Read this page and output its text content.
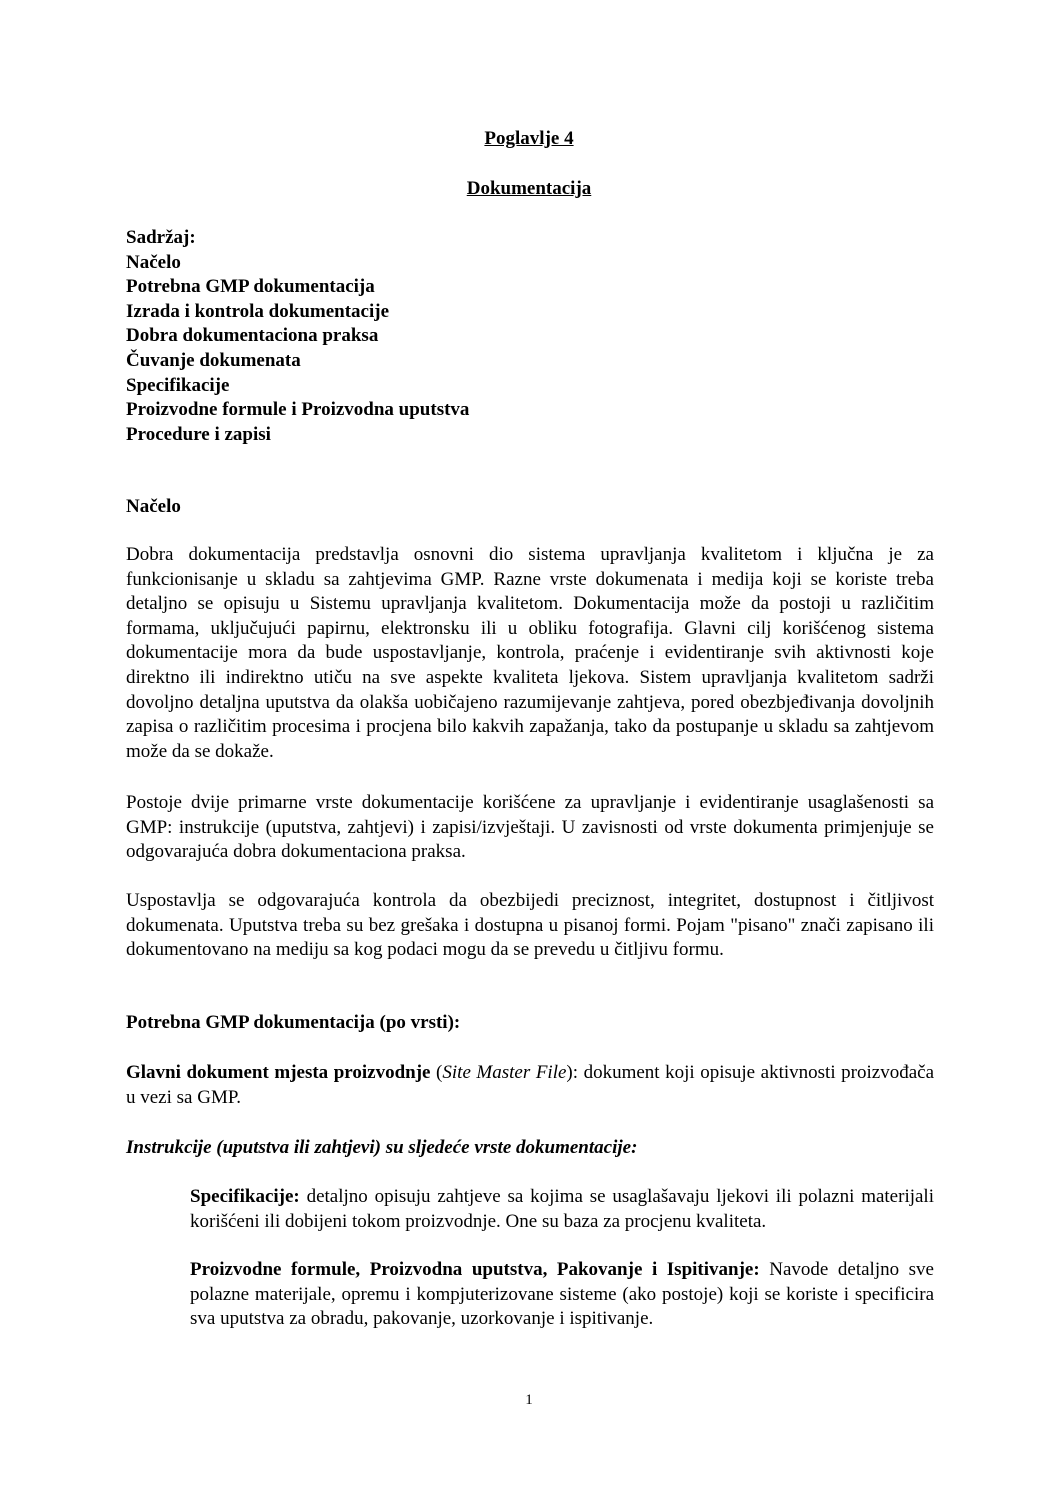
Poglavlje 4
Dokumentacija
Sadržaj:
Načelo
Potrebna GMP dokumentacija
Izrada i kontrola dokumentacije
Dobra dokumentaciona praksa
Čuvanje dokumenata
Specifikacije
Proizvodne formule i Proizvodna uputstva
Procedure i zapisi
Načelo

Dobra dokumentacija predstavlja osnovni dio sistema upravljanja kvalitetom i ključna je za funkcionisanje u skladu sa zahtjevima GMP. Razne vrste dokumenata i medija koji se koriste treba detaljno se opisuju u Sistemu upravljanja kvalitetom. Dokumentacija može da postoji u različitim formama, uključujući papirnu, elektronsku ili u obliku fotografija. Glavni cilj korišćenog sistema dokumentacije mora da bude uspostavljanje, kontrola, praćenje i evidentiranje svih aktivnosti koje direktno ili indirektno utiču na sve aspekte kvaliteta ljekova. Sistem upravljanja kvalitetom sadrži dovoljno detaljna uputstva da olakša uobičajeno razumijevanje zahtjeva, pored obezbjeđivanja dovoljnih zapisa o različitim procesima i procjena bilo kakvih zapažanja, tako da postupanje u skladu sa zahtjevom može da se dokaže.

Postoje dvije primarne vrste dokumentacije korišćene za upravljanje i evidentiranje usaglašenosti sa GMP: instrukcije (uputstva, zahtjevi) i zapisi/izvještaji. U zavisnosti od vrste dokumenta primjenjuje se odgovarajuća dobra dokumentaciona praksa.

Uspostavlja se odgovarajuća kontrola da obezbijedi preciznost, integritet, dostupnost i čitljivost dokumenata. Uputstva treba su bez grešaka i dostupna u pisanoj formi. Pojam "pisano" znači zapisano ili dokumentovano na mediju sa kog podaci mogu da se prevedu u čitljivu formu.

Potrebna GMP dokumentacija (po vrsti):

Glavni dokument mjesta proizvodnje (Site Master File): dokument koji opisuje aktivnosti proizvođača u vezi sa GMP.

Instrukcije (uputstva ili zahtjevi) su sljedeće vrste dokumentacije:

Specifikacije: detaljno opisuju zahtjeve sa kojima se usaglašavaju ljekovi ili polazni materijali korišćeni ili dobijeni tokom proizvodnje. One su baza za procjenu kvaliteta.

Proizvodne formule, Proizvodna uputstva, Pakovanje i Ispitivanje: Navode detaljno sve polazne materijale, opremu i kompjuterizovane sisteme (ako postoje) koji se koriste i specificira sva uputstva za obradu, pakovanje, uzorkovanje i ispitivanje.

1
